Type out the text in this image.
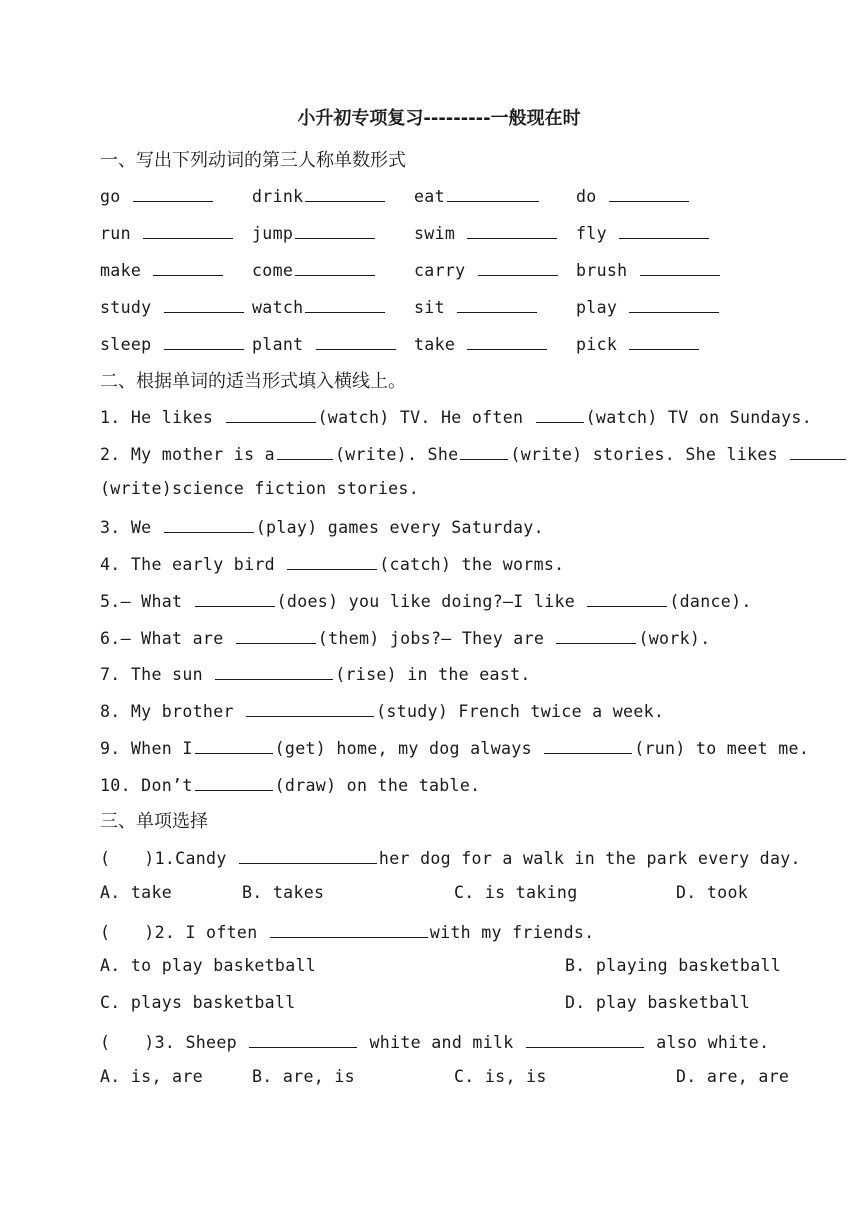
小升初专项复习---------一般现在时
一、写出下列动词的第三人称单数形式
go	drink	eat	do
run	jump	swim	fly
make	come	carry	brush
study	watch	sit	play
sleep	plant	take	pick
二、根据单词的适当形式填入横线上。
1. He likes	(watch) TV. He often	(watch) TV on Sundays.
2. My mother is a	(write). She	(write) stories. She likes
(write)science fiction stories.
3. We	(play) games every Saturday.
4. The early bird	(catch) the worms.
5.— What	(does) you like doing?—I like	(dance).
6.— What are	(them) jobs?— They are	(work).
7. The sun	(rise) in the east.
8. My brother	(study) French twice a week.
9. When I	(get) home, my dog always	(run) to meet me.
10. Don’t	(draw) on the table.
三、单项选择
( )1.Candy	her dog for a walk in the park every day.
A. take	B. takes	C. is taking	D. took
( )2. I often	with my friends.
A. to play basketball	B. playing basketball
C. plays basketball	D. play basketball
( )3. Sheep	white and milk	also white.
A. is, are	B. are, is	C. is, is	D. are, are
